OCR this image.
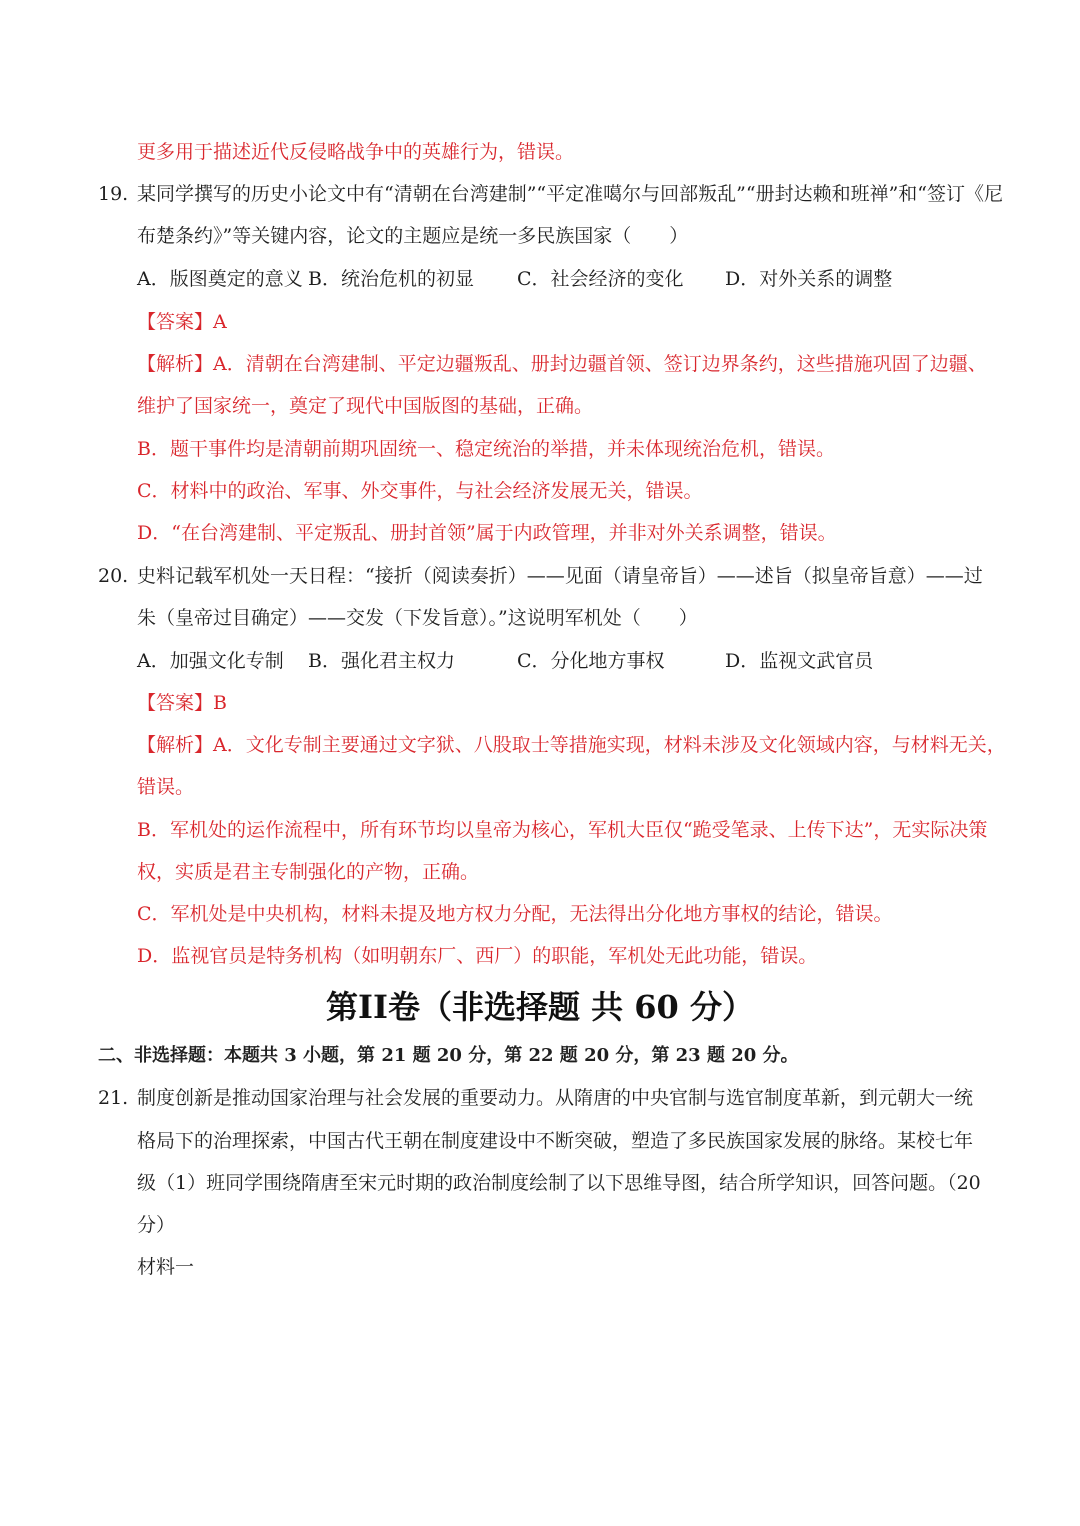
更多用于描述近代反侵略战争中的英雄行为，错误。
19. 某同学撰写的历史小论文中有“清朝在台湾建制”“平定准噶尔与回部叛乱”“册封达赖和班禅”和“签订《尼
布楚条约》”等关键内容，论文的主题应是统一多民族国家（　　）
A．版图奠定的意义 B．统治危机的初显 C．社会经济的变化 D．对外关系的调整
【答案】A
【解析】A．清朝在台湾建制、平定边疆叛乱、册封边疆首领、签订边界条约，这些措施巩固了边疆、
维护了国家统一，奠定了现代中国版图的基础，正确。
B．题干事件均是清朝前期巩固统一、稳定统治的举措，并未体现统治危机，错误。
C．材料中的政治、军事、外交事件，与社会经济发展无关，错误。
D．“在台湾建制、平定叛乱、册封首领”属于内政管理，并非对外关系调整，错误。
20. 史料记载军机处一天日程：“接折（阅读奏折）——见面（请皇帝旨）——述旨（拟皇帝旨意）——过
朱（皇帝过目确定）——交发（下发旨意）。”这说明军机处（　　）
A．加强文化专制 B．强化君主权力	C．分化地方事权	D．监视文武官员
【答案】B
【解析】A．文化专制主要通过文字狱、八股取士等措施实现，材料未涉及文化领域内容，与材料无关，
错误。
B．军机处的运作流程中，所有环节均以皇帝为核心，军机大臣仅“跪受笔录、上传下达”，无实际决策
权，实质是君主专制强化的产物，正确。
C．军机处是中央机构，材料未提及地方权力分配，无法得出分化地方事权的结论，错误。
D．监视官员是特务机构（如明朝东厂、西厂）的职能，军机处无此功能，错误。
第II卷（非选择题 共 60 分）
二、非选择题：本题共 3 小题，第 21 题 20 分，第 22 题 20 分，第 23 题 20 分。
21. 制度创新是推动国家治理与社会发展的重要动力。从隋唐的中央官制与选官制度革新，到元朝大一统
格局下的治理探索，中国古代王朝在制度建设中不断突破，塑造了多民族国家发展的脉络。某校七年
级（1）班同学围绕隋唐至宋元时期的政治制度绘制了以下思维导图，结合所学知识，回答问题。（20
分）
材料一
